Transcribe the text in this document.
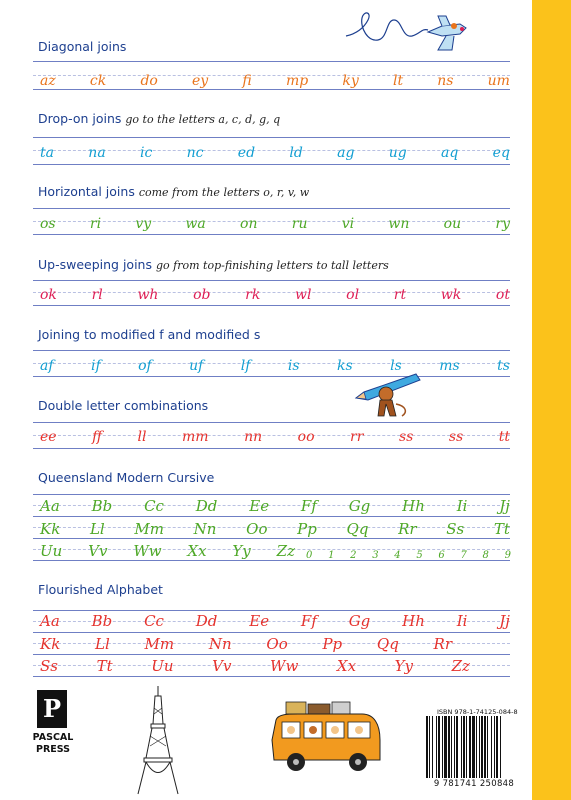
Diagonal joins
az ck do ey fi mp ky lt ns um
Drop-on joins go to the letters a, c, d, g, q
ta na ic nc ed ld ag ug aq eq
Horizontal joins come from the letters o, r, v, w
os ri vy wa on ru vi wn ou ry
Up-sweeping joins go from top-finishing letters to tall letters
ok rl wh ob rk wl ol rt wk ot
Joining to modified f and modified s
af	if	of	uf	lf	is	ks	ls	ms	ts
Double letter combinations
ee	ff	ll	mm	nn	oo	rr	ss	ss	tt
Queensland Modern Cursive
Aa Bb Cc Dd Ee Ff Gg Hh Ii Jj
Kk Ll Mm Nn Oo Pp Qq Rr Ss Tt
Uu Vv Ww Xx Yy Zz 0 1 2 3 4 5 6 7 8 9
Flourished Alphabet
Aa Bb Cc Dd Ee Ff Gg Hh Ii Jj
Kk Ll Mm Nn Oo Pp Qq Rr
Ss	Tt	Uu	Vv	Ww	Xx	Yy	Zz
P
PASCAL
PRESS
ISBN 978-1-74125-084-8
9 781741 250848
